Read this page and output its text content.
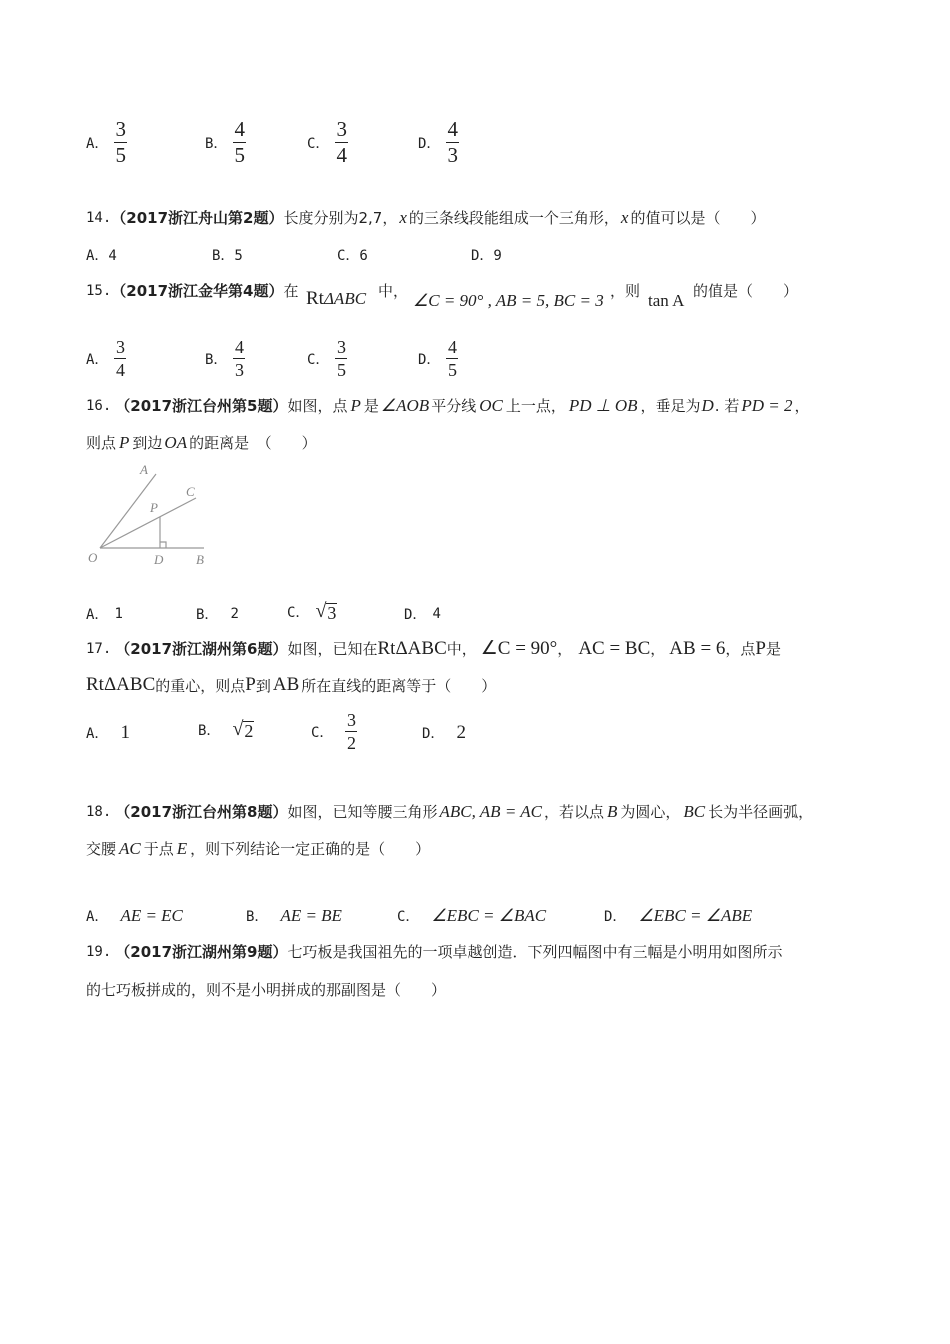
A． $\frac{3}{5}$	B． $\frac{4}{5}$	C． $\frac{3}{4}$	D． $\frac{4}{3}$
14. （2017浙江舟山第2题） 长度分别为2,7， x 的三条线段能组成一个三角形， x 的值可以是（　　）
A．4	B．5	C．6	D．9
15. （2017浙江金华第4题） 在 Rt ΔABC 中， ∠C = 90° , AB = 5, BC = 3 ，则 tan A 的值是（　　）
A． $\frac{3}{4}$	B． $\frac{4}{3}$	C． $\frac{3}{5}$	D． $\frac{4}{5}$
16. （2017浙江台州第5题） 如图，点 P 是 ∠AOB 平分线 OC 上一点， PD ⊥ OB ，垂足为 D . 若 PD = 2 ，
则点 P 到边 OA 的距离是　（　　）
A
C
P
O	D	B
A． 1	B． 2	C． √ 3	D． 4
17. （2017浙江湖州第6题） 如图，已知在 RtΔABC 中， ∠C = 90° ， AC = BC ， AB = 6 ，点 P 是
RtΔABC 的重心，则点 P 到 AB 所在直线的距离等于（　　）
A． 1	B． √ 2	C． $\frac{3}{2}$	D． 2
18. （2017浙江台州第8题） 如图，已知等腰三角形 ABC, AB = AC ，若以点 B 为圆心， BC 长为半径画弧，
交腰 AC 于点 E ，则下列结论一定正确的是（　　）
A． AE = EC	B． AE = BE	C． ∠EBC = ∠BAC	D． ∠EBC = ∠ABE
19. （2017浙江湖州第9题） 七巧板是我国祖先的一项卓越创造．下列四幅图中有三幅是小明用如图所示
的七巧板拼成的，则不是小明拼成的那副图是（　　）
